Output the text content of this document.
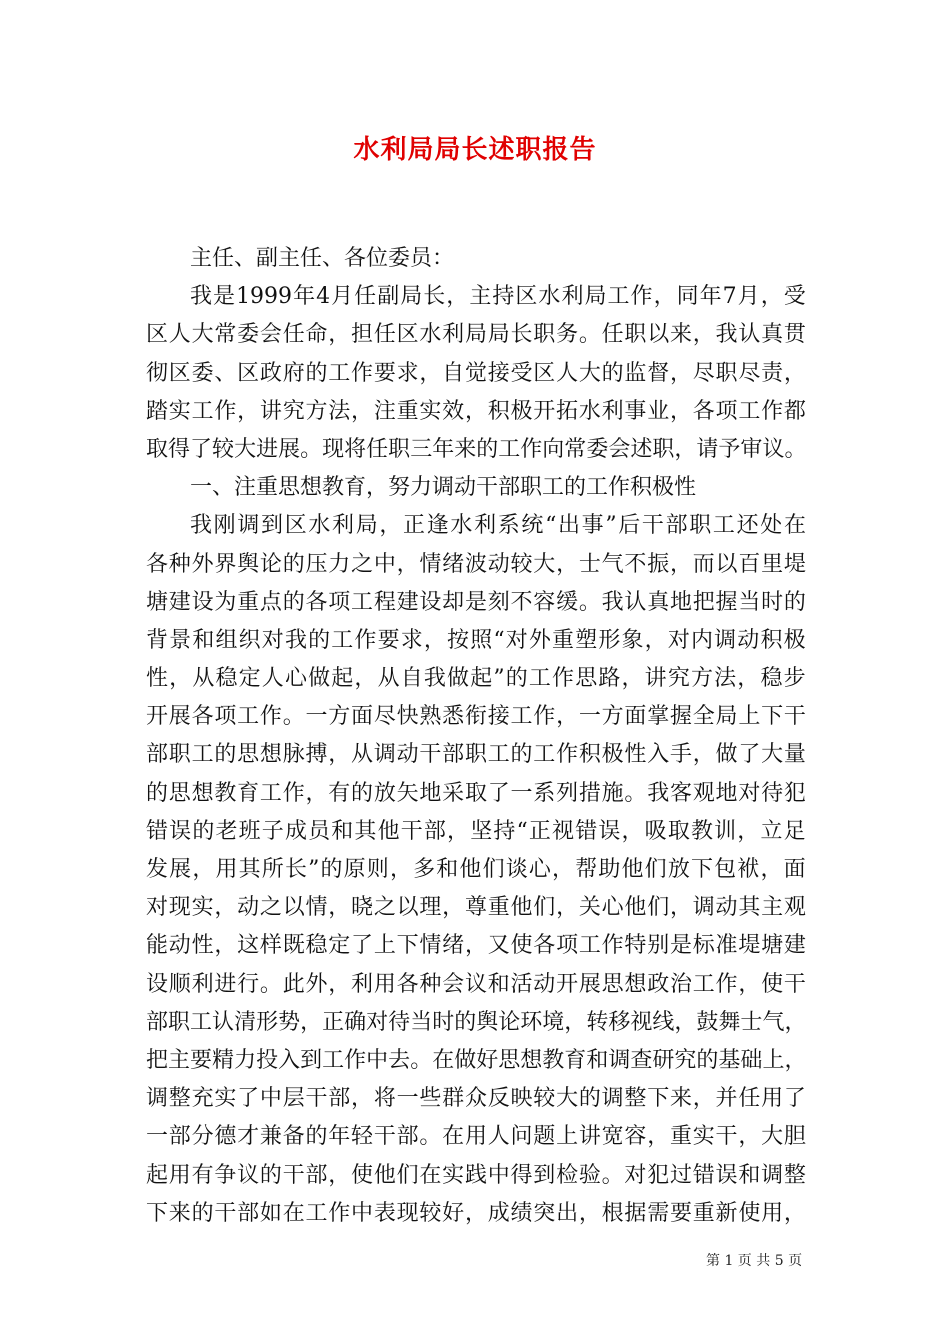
水利局局长述职报告
主任、副主任、各位委员：
我 是 1999 年 4 月 任 副 局 长 ， 主 持 区 水 利 局 工 作 ， 同 年 7 月 ， 受
区 人 大 常 委 会 任 命 ， 担 任 区 水 利 局 局 长 职 务 。 任 职 以 来 ， 我 认 真 贯
彻 区 委 、 区 政 府 的 工 作 要 求 ， 自 觉 接 受 区 人 大 的 监 督 ， 尽 职 尽 责 ，
踏 实 工 作 ， 讲 究 方 法 ， 注 重 实 效 ， 积 极 开 拓 水 利 事 业 ， 各 项 工 作 都
取 得 了 较 大 进 展 。 现 将 任 职 三 年 来 的 工 作 向 常 委 会 述 职 ， 请 予 审 议 。
一、注重思想教育，努力调动干部职工的工作积极性
我 刚 调 到 区 水 利 局 ， 正 逢 水 利 系 统 “ 出 事 ” 后 干 部 职 工 还 处 在
各 种 外 界 舆 论 的 压 力 之 中 ， 情 绪 波 动 较 大 ， 士 气 不 振 ， 而 以 百 里 堤
塘 建 设 为 重 点 的 各 项 工 程 建 设 却 是 刻 不 容 缓 。 我 认 真 地 把 握 当 时 的
背 景 和 组 织 对 我 的 工 作 要 求 ， 按 照 “ 对 外 重 塑 形 象 ， 对 内 调 动 积 极
性 ， 从 稳 定 人 心 做 起 ， 从 自 我 做 起 ” 的 工 作 思 路 ， 讲 究 方 法 ， 稳 步
开 展 各 项 工 作 。 一 方 面 尽 快 熟 悉 衔 接 工 作 ， 一 方 面 掌 握 全 局 上 下 干
部 职 工 的 思 想 脉 搏 ， 从 调 动 干 部 职 工 的 工 作 积 极 性 入 手 ， 做 了 大 量
的 思 想 教 育 工 作 ， 有 的 放 矢 地 采 取 了 一 系 列 措 施 。 我 客 观 地 对 待 犯
错 误 的 老 班 子 成 员 和 其 他 干 部 ， 坚 持 “ 正 视 错 误 ， 吸 取 教 训 ， 立 足
发 展 ， 用 其 所 长 ” 的 原 则 ， 多 和 他 们 谈 心 ， 帮 助 他 们 放 下 包 袱 ， 面
对 现 实 ， 动 之 以 情 ， 晓 之 以 理 ， 尊 重 他 们 ， 关 心 他 们 ， 调 动 其 主 观
能 动 性 ， 这 样 既 稳 定 了 上 下 情 绪 ， 又 使 各 项 工 作 特 别 是 标 准 堤 塘 建
设 顺 利 进 行 。 此 外 ， 利 用 各 种 会 议 和 活 动 开 展 思 想 政 治 工 作 ， 使 干
部 职 工 认 清 形 势 ， 正 确 对 待 当 时 的 舆 论 环 境 ， 转 移 视 线 ， 鼓 舞 士 气 ，
把 主 要 精 力 投 入 到 工 作 中 去 。 在 做 好 思 想 教 育 和 调 查 研 究 的 基 础 上 ，
调 整 充 实 了 中 层 干 部 ， 将 一 些 群 众 反 映 较 大 的 调 整 下 来 ， 并 任 用 了
一 部 分 德 才 兼 备 的 年 轻 干 部 。 在 用 人 问 题 上 讲 宽 容 ， 重 实 干 ， 大 胆
起 用 有 争 议 的 干 部 ， 使 他 们 在 实 践 中 得 到 检 验 。 对 犯 过 错 误 和 调 整
下 来 的 干 部 如 在 工 作 中 表 现 较 好 ， 成 绩 突 出 ， 根 据 需 要 重 新 使 用 ，
第 1 页 共 5 页
